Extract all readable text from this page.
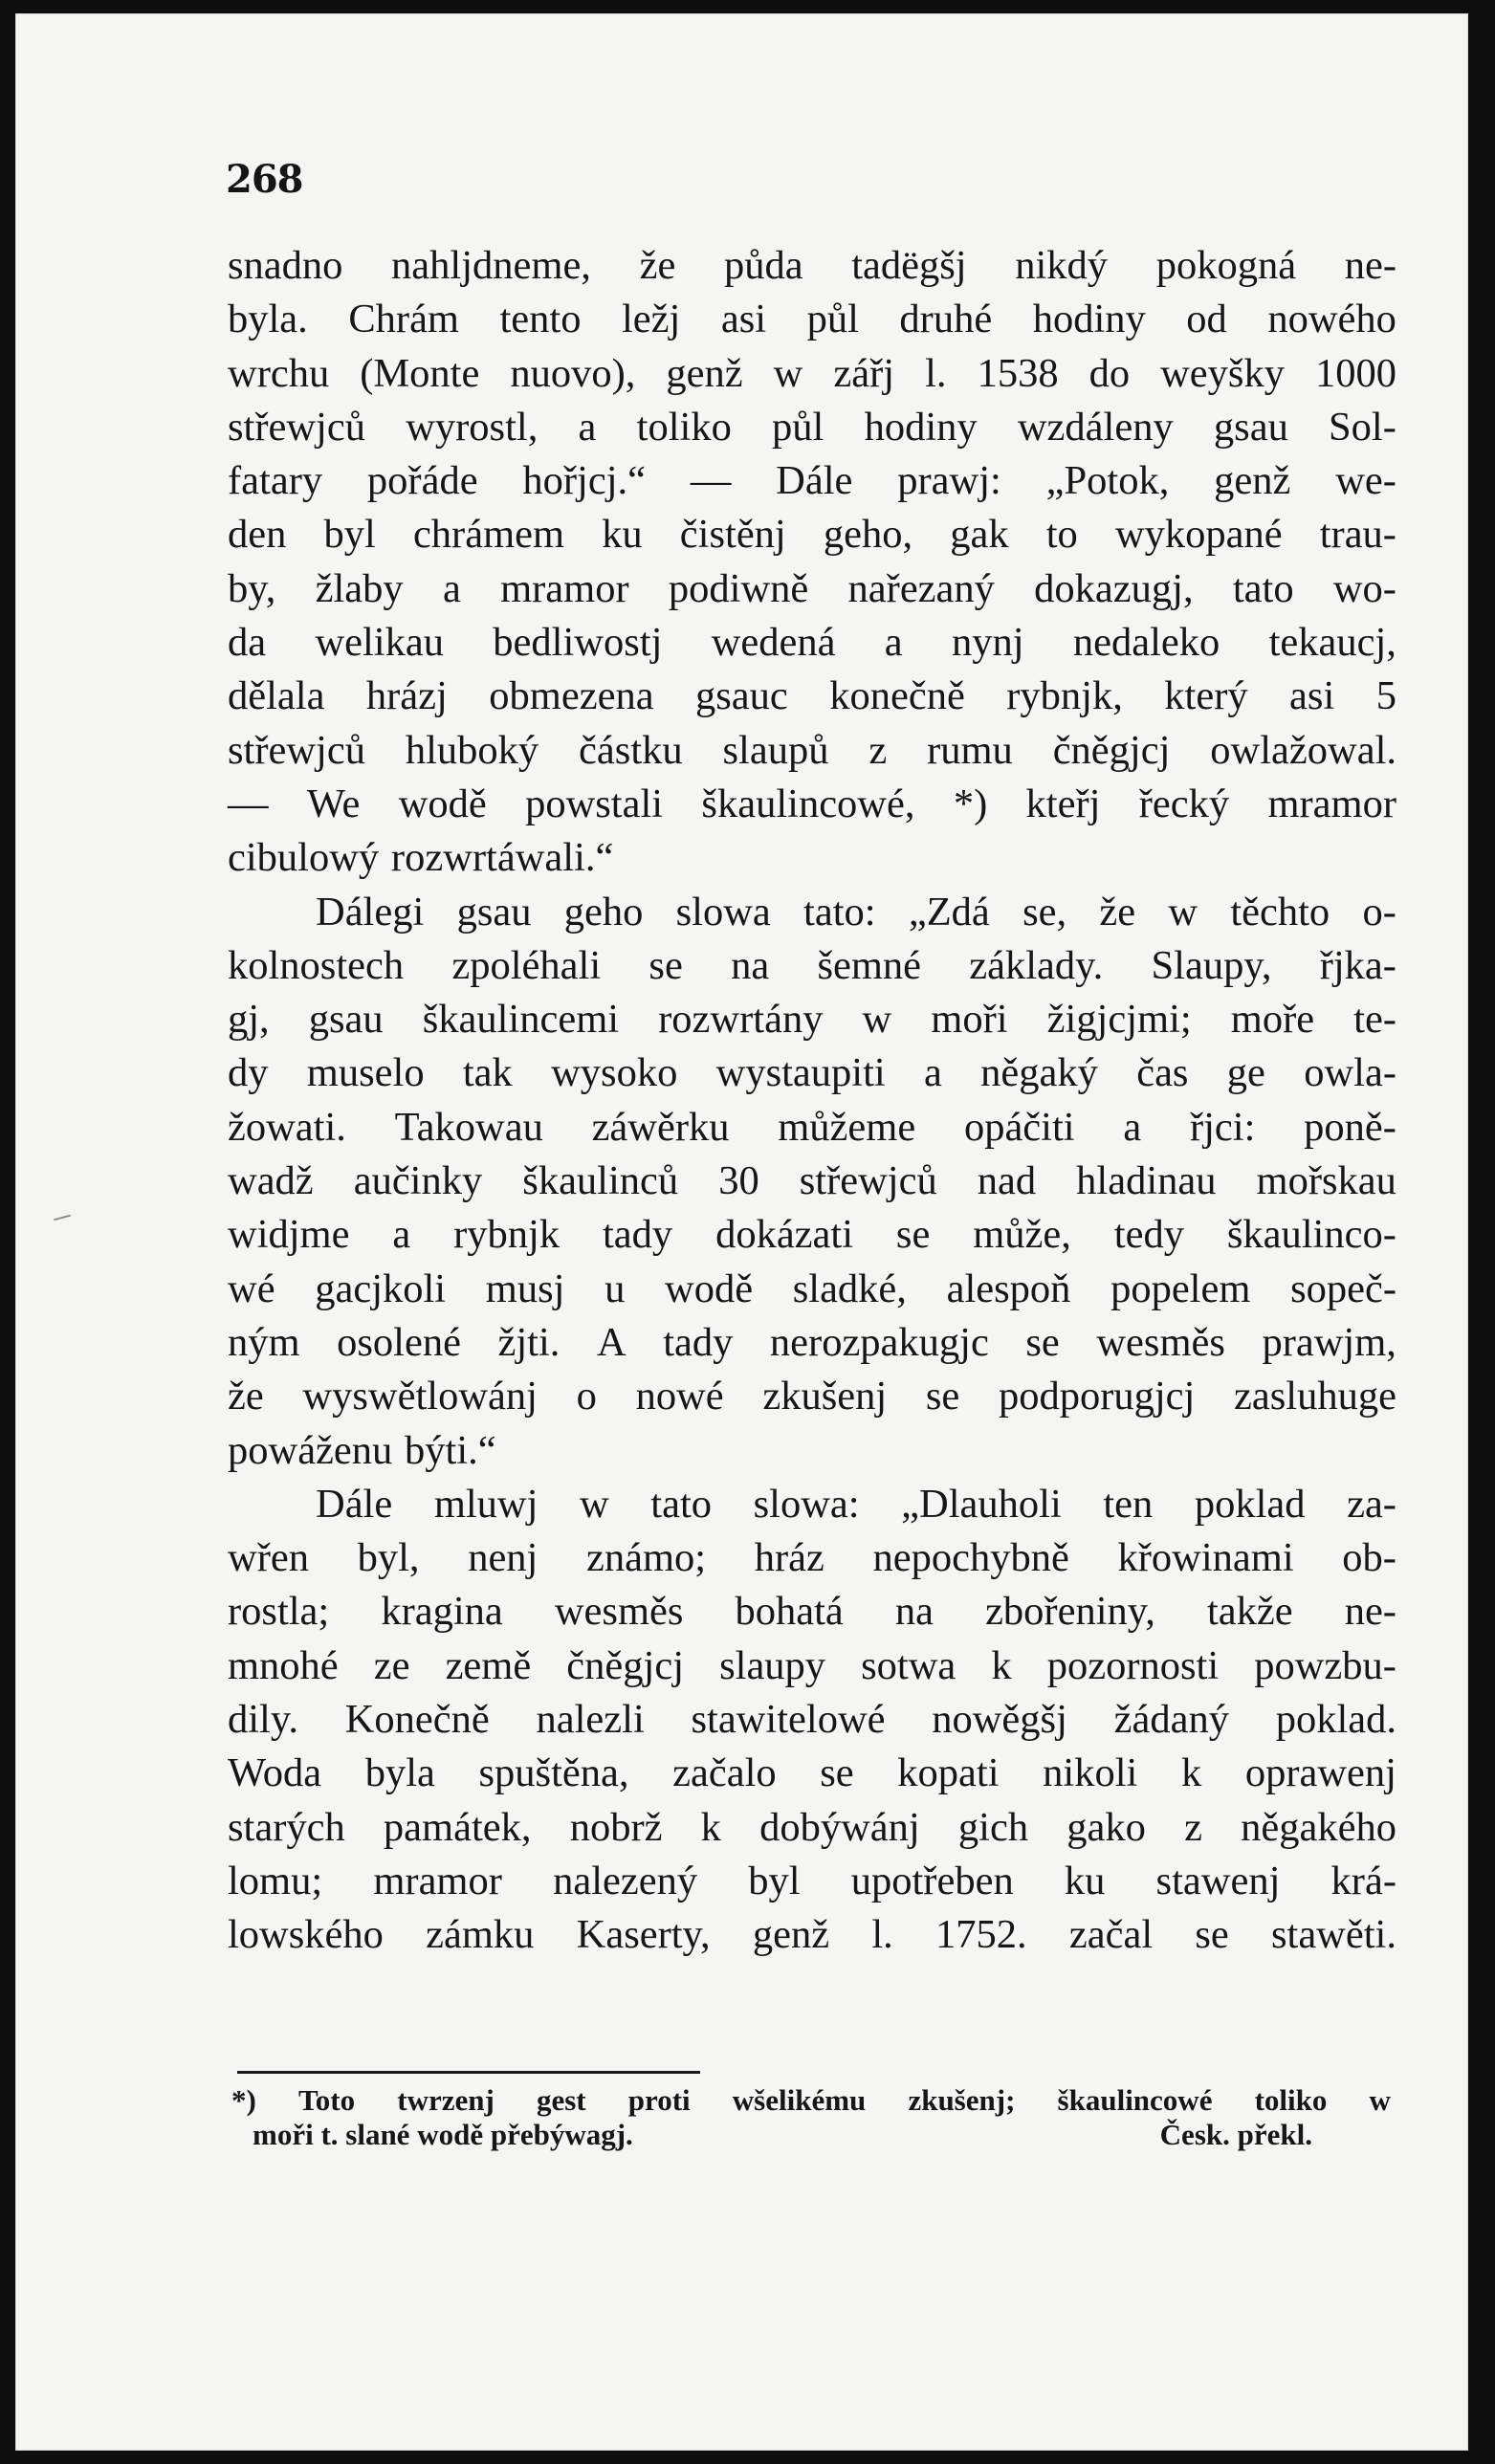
268
snadno nahljdneme, že půda tadëgšj nikdý pokogná ne-
byla. Chrám tento ležj asi půl druhé hodiny od nowého
wrchu (Monte nuovo), genž w zářj l. 1538 do weyšky 1000
střewjců wyrostl, a toliko půl hodiny wzdáleny gsau Sol-
fatary pořáde hořjcj.“ — Dále prawj: „Potok, genž we-
den byl chrámem ku čistěnj geho, gak to wykopané trau-
by, žlaby a mramor podiwně nařezaný dokazugj, tato wo-
da welikau bedliwostj wedená a nynj nedaleko tekaucj,
dělala hrázj obmezena gsauc konečně rybnjk, který asi 5
střewjců hluboký částku slaupů z rumu čněgjcj owlažowal.
— We wodě powstali škaulincowé, *) kteřj řecký mramor
cibulowý rozwrtáwali.“
Dálegi gsau geho slowa tato: „Zdá se, že w těchto o-
kolnostech zpoléhali se na šemné základy. Slaupy, řjka-
gj, gsau škaulincemi rozwrtány w moři žigjcjmi; moře te-
dy muselo tak wysoko wystaupiti a něgaký čas ge owla-
žowati. Takowau záwěrku můžeme opáčiti a řjci: poně-
wadž aučinky škaulinců 30 střewjců nad hladinau mořskau
widjme a rybnjk tady dokázati se může, tedy škaulinco-
wé gacjkoli musj u wodě sladké, alespoň popelem sopeč-
ným osolené žjti. A tady nerozpakugjc se wesměs prawjm,
že wyswětlowánj o nowé zkušenj se podporugjcj zasluhuge
powáženu býti.“
Dále mluwj w tato slowa: „Dlauholi ten poklad za-
wřen byl, nenj známo; hráz nepochybně křowinami ob-
rostla; kragina wesměs bohatá na zbořeniny, takže ne-
mnohé ze země čněgjcj slaupy sotwa k pozornosti powzbu-
dily. Konečně nalezli stawitelowé nowěgšj žádaný poklad.
Woda byla spuštěna, začalo se kopati nikoli k oprawenj
starých památek, nobrž k dobýwánj gich gako z něgakého
lomu; mramor nalezený byl upotřeben ku stawenj krá-
lowského zámku Kaserty, genž l. 1752. začal se stawěti.
*) Toto twrzenj gest proti wšelikému zkušenj; škaulincowé toliko w
moři t. slané wodě přebýwagj.	Česk. překl.
